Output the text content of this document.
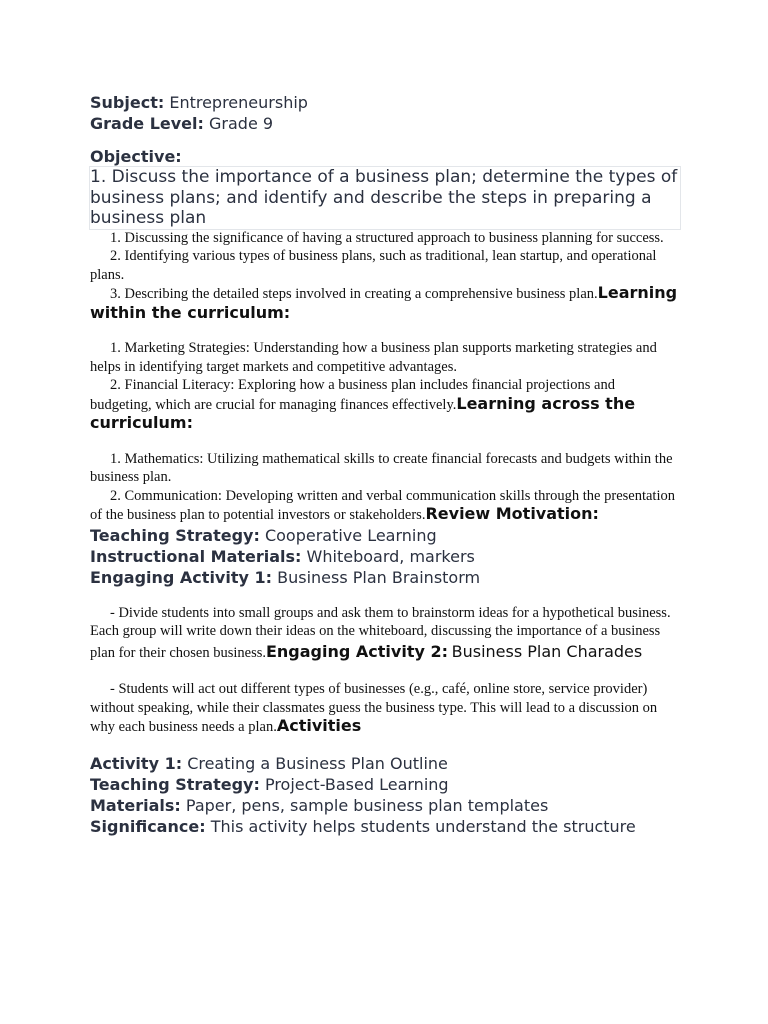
Subject: Entrepreneurship
Grade Level: Grade 9
Objective:

1. Discuss the importance of a business plan; determine the types of business plans; and identify and describe the steps in preparing a business plan

1. Discussing the significance of having a structured approach to business planning for success.

2. Identifying various types of business plans, such as traditional, lean startup, and operational plans.

3. Describing the detailed steps involved in creating a comprehensive business plan.Learning within the curriculum:

1. Marketing Strategies: Understanding how a business plan supports marketing strategies and helps in identifying target markets and competitive advantages.

2. Financial Literacy: Exploring how a business plan includes financial projections and budgeting, which are crucial for managing finances effectively.Learning across the curriculum:

1. Mathematics: Utilizing mathematical skills to create financial forecasts and budgets within the business plan.

2. Communication: Developing written and verbal communication skills through the presentation of the business plan to potential investors or stakeholders.Review Motivation:

Teaching Strategy: Cooperative Learning
Instructional Materials: Whiteboard, markers
Engaging Activity 1: Business Plan Brainstorm

- Divide students into small groups and ask them to brainstorm ideas for a hypothetical business. Each group will write down their ideas on the whiteboard, discussing the importance of a business plan for their chosen business.Engaging Activity 2: Business Plan Charades

- Students will act out different types of businesses (e.g., café, online store, service provider) without speaking, while their classmates guess the business type. This will lead to a discussion on why each business needs a plan.Activities

Activity 1: Creating a Business Plan Outline
Teaching Strategy: Project-Based Learning
Materials: Paper, pens, sample business plan templates
Significance: This activity helps students understand the structure
